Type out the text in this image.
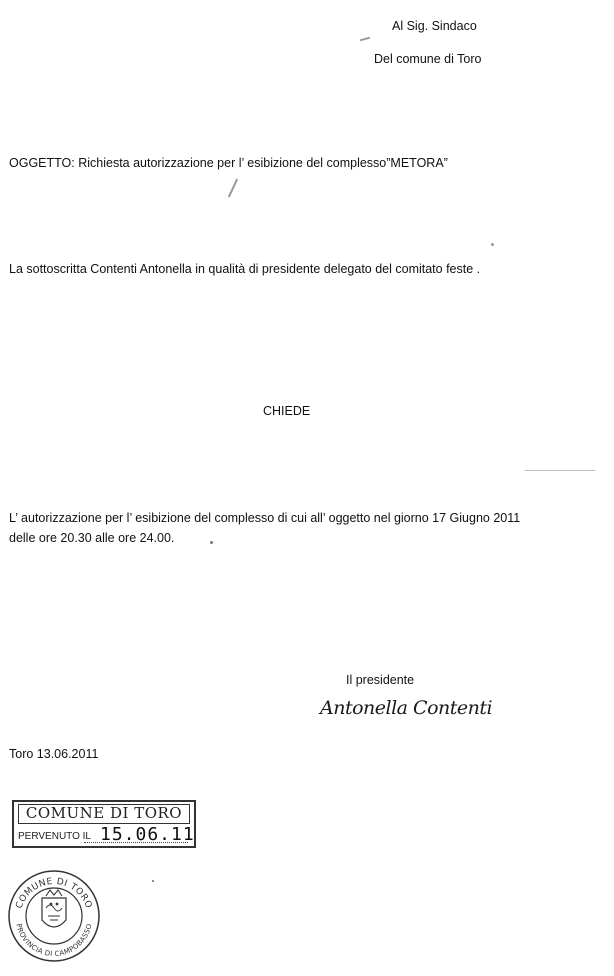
Al Sig. Sindaco
Del comune di Toro
OGGETTO: Richiesta autorizzazione per l’ esibizione del complesso”METORA”
La sottoscritta Contenti Antonella in qualità di presidente delegato del comitato feste .
CHIEDE
L’ autorizzazione per l’ esibizione del complesso di cui all’ oggetto nel giorno 17 Giugno 2011
delle ore 20.30 alle ore 24.00.
Il presidente
Antonella Contenti
Toro 13.06.2011
COMUNE DI TORO
PERVENUTO IL 15.06.11
COMUNE DI TORO
PROVINCIA DI CAMPOBASSO
